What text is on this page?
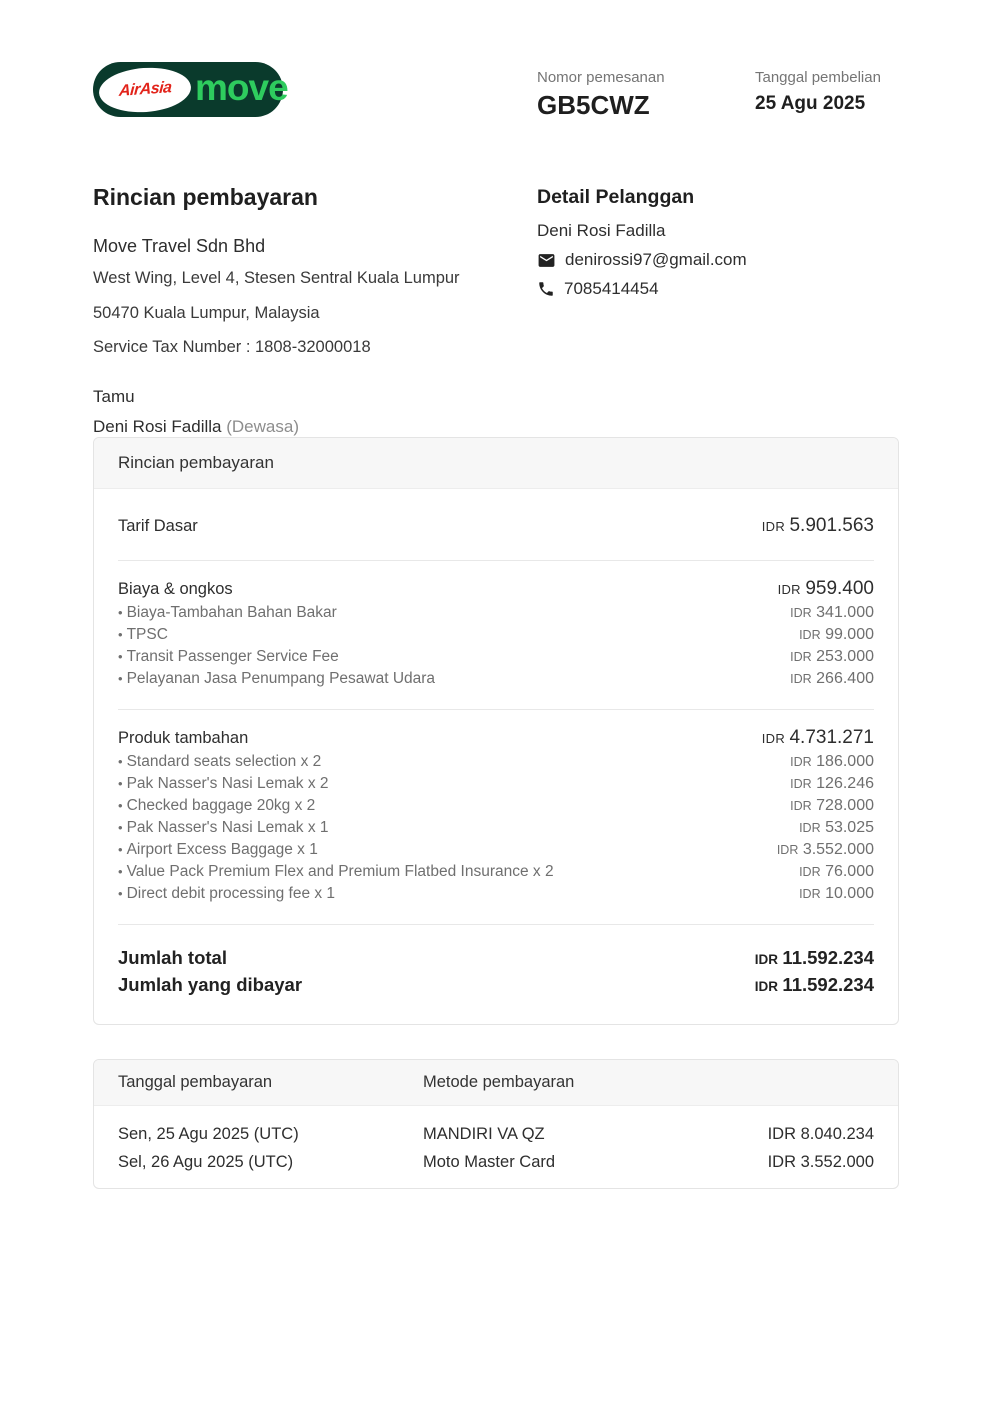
AirAsia move	Nomor pemesanan
GB5CWZ
Tanggal pembelian
25 Agu 2025
Rincian pembayaran
Move Travel Sdn Bhd
West Wing, Level 4, Stesen Sentral Kuala Lumpur
50470 Kuala Lumpur, Malaysia
Service Tax Number : 1808-32000018
Tamu
Deni Rosi Fadilla (Dewasa)
Detail Pelanggan
Deni Rosi Fadilla
denirossi97@gmail.com
7085414454
Rincian pembayaran
Tarif Dasar	IDR 5.901.563
Biaya & ongkos	IDR 959.400
• Biaya-Tambahan Bahan Bakar	IDR 341.000
• TPSC	IDR 99.000
• Transit Passenger Service Fee	IDR 253.000
• Pelayanan Jasa Penumpang Pesawat Udara	IDR 266.400
Produk tambahan	IDR 4.731.271
• Standard seats selection x 2	IDR 186.000
• Pak Nasser's Nasi Lemak x 2	IDR 126.246
• Checked baggage 20kg x 2	IDR 728.000
• Pak Nasser's Nasi Lemak x 1	IDR 53.025
• Airport Excess Baggage x 1	IDR 3.552.000
• Value Pack Premium Flex and Premium Flatbed Insurance x 2	IDR 76.000
• Direct debit processing fee x 1	IDR 10.000
Jumlah total	IDR 11.592.234
Jumlah yang dibayar	IDR 11.592.234
Tanggal pembayaran	Metode pembayaran
Sen, 25 Agu 2025 (UTC)	MANDIRI VA QZ	IDR 8.040.234
Sel, 26 Agu 2025 (UTC)	Moto Master Card	IDR 3.552.000
